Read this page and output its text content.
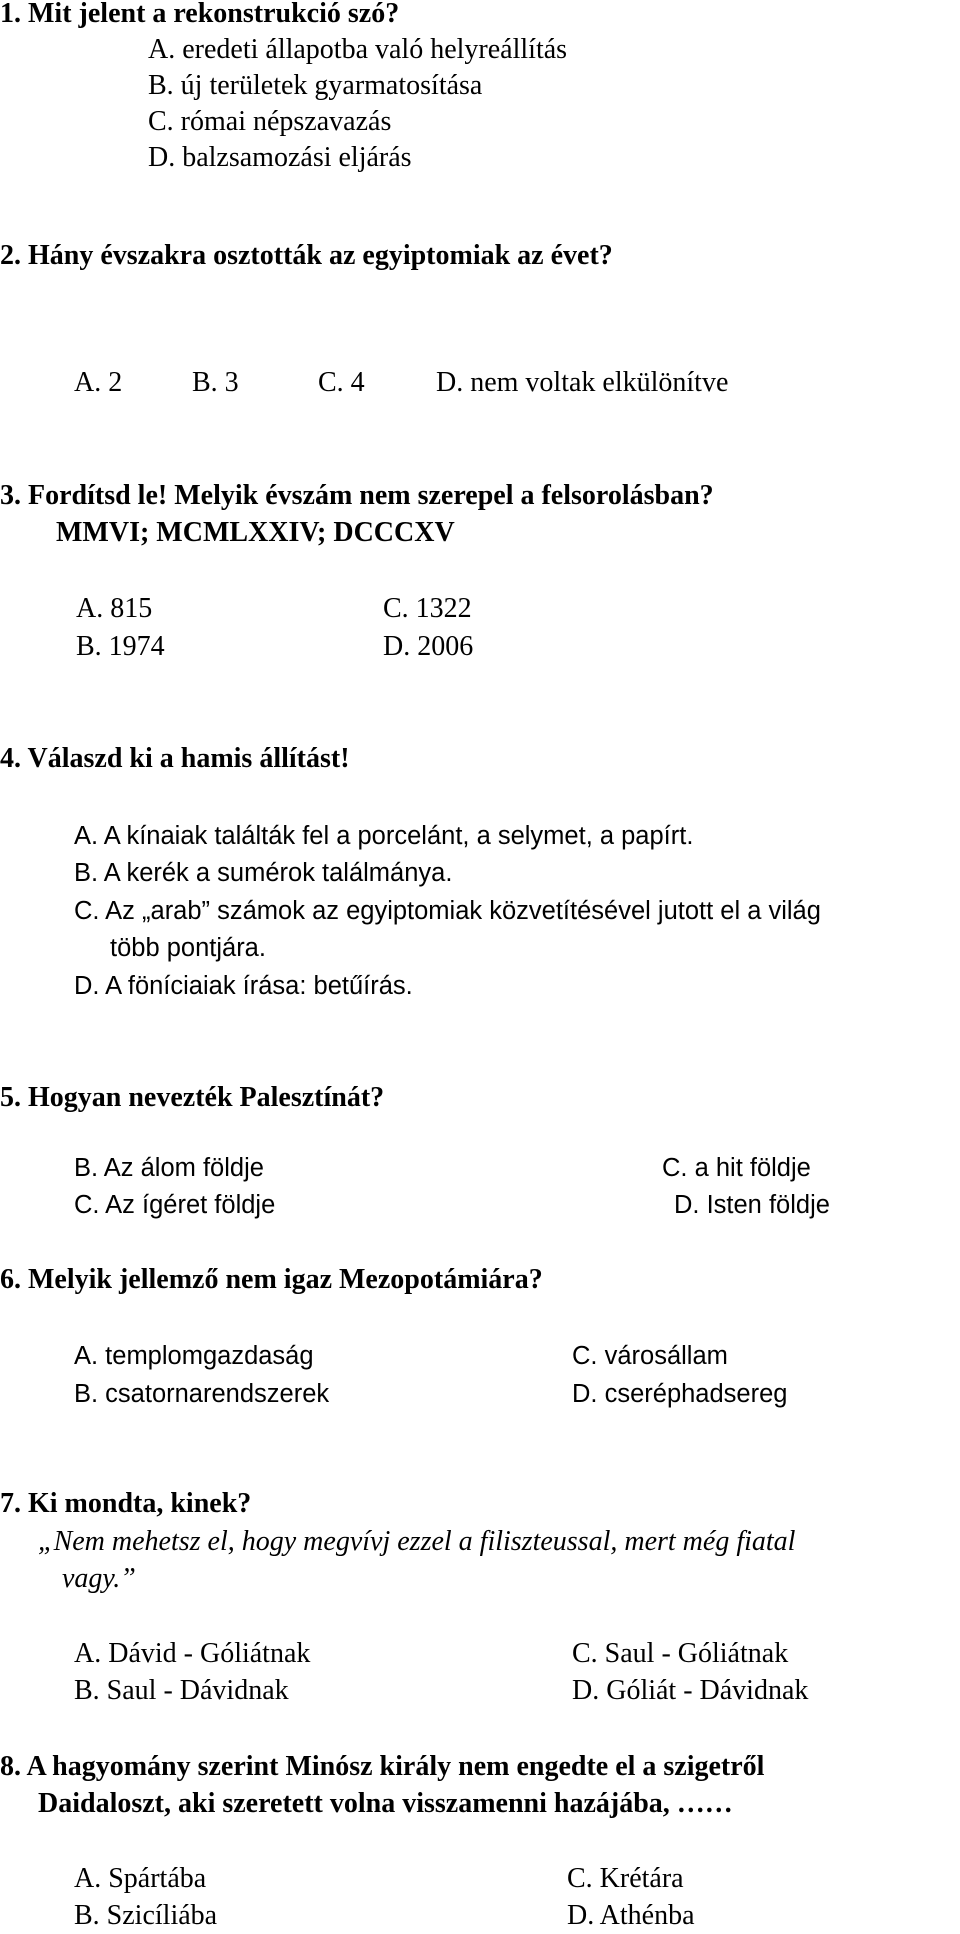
1. Mit jelent a rekonstrukció szó?
A. eredeti állapotba való helyreállítás
B. új területek gyarmatosítása
C. római népszavazás
D. balzsamozási eljárás
2. Hány évszakra osztották az egyiptomiak az évet?
A. 2 B. 3	C. 4	D. nem voltak elkülönítve
3. Fordítsd le! Melyik évszám nem szerepel a felsorolásban?
MMVI; MCMLXXIV; DCCCXV
A. 815	C. 1322
B. 1974	D. 2006
4. Válaszd ki a hamis állítást!
A. A kínaiak találták fel a porcelánt, a selymet, a papírt.
B. A kerék a sumérok találmánya.
C. Az „arab” számok az egyiptomiak közvetítésével jutott el a világ
több pontjára.
D. A föníciaiak írása: betűírás.
5. Hogyan nevezték Palesztínát?
B. Az álom földje	C. a hit földje
C. Az ígéret földje	D. Isten földje
6. Melyik jellemző nem igaz Mezopotámiára?
A. templomgazdaság	C. városállam
B. csatornarendszerek	D. cseréphadsereg
7. Ki mondta, kinek?
„Nem mehetsz el, hogy megvívj ezzel a filiszteussal, mert még fiatal
vagy.”
A. Dávid - Góliátnak	C. Saul - Góliátnak
B. Saul - Dávidnak	D. Góliát - Dávidnak
8. A hagyomány szerint Minósz király nem engedte el a szigetről
Daidaloszt, aki szeretett volna visszamenni hazájába, ……
A. Spártába	C. Krétára
B. Szicíliába	D. Athénba
